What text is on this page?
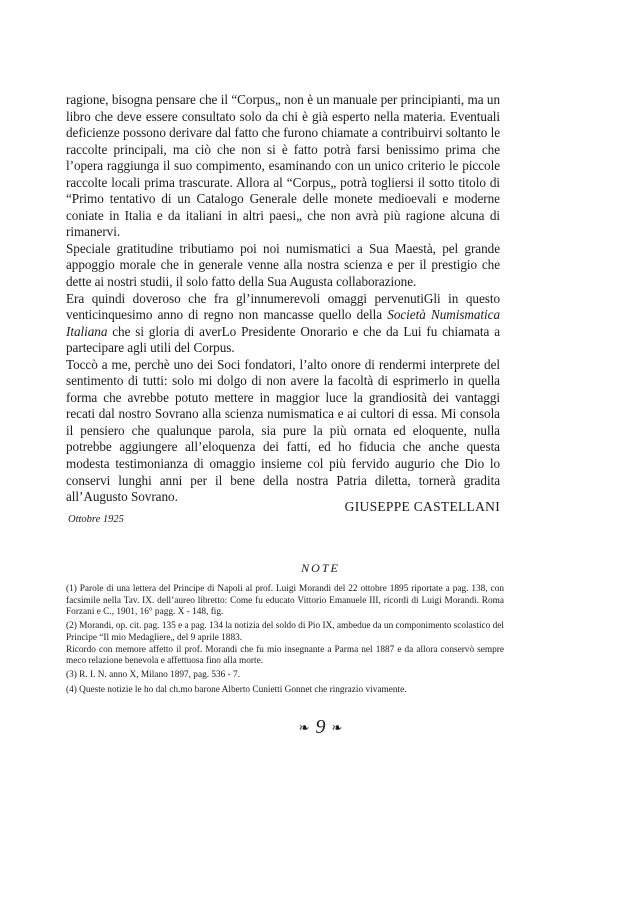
ragione, bisogna pensare che il “Corpus„ non è un manuale per principianti, ma un libro che deve essere consultato solo da chi è già esperto nella materia. Eventuali deficienze possono derivare dal fatto che furono chiamate a contribuirvi soltanto le raccolte principali, ma ciò che non si è fatto potrà farsi benissimo prima che l’opera raggiunga il suo compimento, esaminando con un unico criterio le piccole raccolte locali prima trascurate. Allora al “Corpus„ potrà togliersi il sotto titolo di “Primo tentativo di un Catalogo Generale delle monete medioevali e moderne coniate in Italia e da italiani in altri paesi„ che non avrà più ragione alcuna di rimanervi.

Speciale gratitudine tributiamo poi noi numismatici a Sua Maestà, pel grande appoggio morale che in generale venne alla nostra scienza e per il prestigio che dette ai nostri studii, il solo fatto della Sua Augusta collaborazione.

Era quindi doveroso che fra gl’innumerevoli omaggi pervenutiGli in questo venticinquesimo anno di regno non mancasse quello della Società Numismatica Italiana che si gloria di averLo Presidente Onorario e che da Lui fu chiamata a partecipare agli utili del Corpus.

Toccò a me, perchè uno dei Soci fondatori, l’alto onore di rendermi interprete del sentimento di tutti: solo mi dolgo di non avere la facoltà di esprimerlo in quella forma che avrebbe potuto mettere in maggior luce la grandiosità dei vantaggi recati dal nostro Sovrano alla scienza numismatica e ai cultori di essa. Mi consola il pensiero che qualunque parola, sia pure la più ornata ed eloquente, nulla potrebbe aggiungere all’eloquenza dei fatti, ed ho fiducia che anche questa modesta testimonianza di omaggio insieme col più fervido augurio che Dio lo conservi lunghi anni per il bene della nostra Patria diletta, tornerà gradita all’Augusto Sovrano.

GIUSEPPE CASTELLANI
Ottobre 1925
NOTE

(1) Parole di una lettera del Principe di Napoli al prof. Luigi Morandi del 22 ottobre 1895 riportate a pag. 138, con facsimile nella Tav. IX. dell’aureo libretto: Come fu educato Vittorio Emanuele III, ricordi di Luigi Morandi. Roma Forzani e C., 1901, 16° pagg. X - 148, fig.

(2) Morandi, op. cit. pag. 135 e a pag. 134 la notizia del soldo di Pio IX, ambedue da un componimento scolastico del Principe “Il mio Medagliere„ del 9 aprile 1883.

Ricordo con memore affetto il prof. Morandi che fu mio insegnante a Parma nel 1887 e da allora conservò sempre meco relazione benevola e affettuosa fino alla morte.

(3) R. I. N. anno X, Milano 1897, pag. 536 - 7.

(4) Queste notizie le ho dal ch.mo barone Alberto Cunietti Gonnet che ringrazio vivamente.

❧ 9 ❧
